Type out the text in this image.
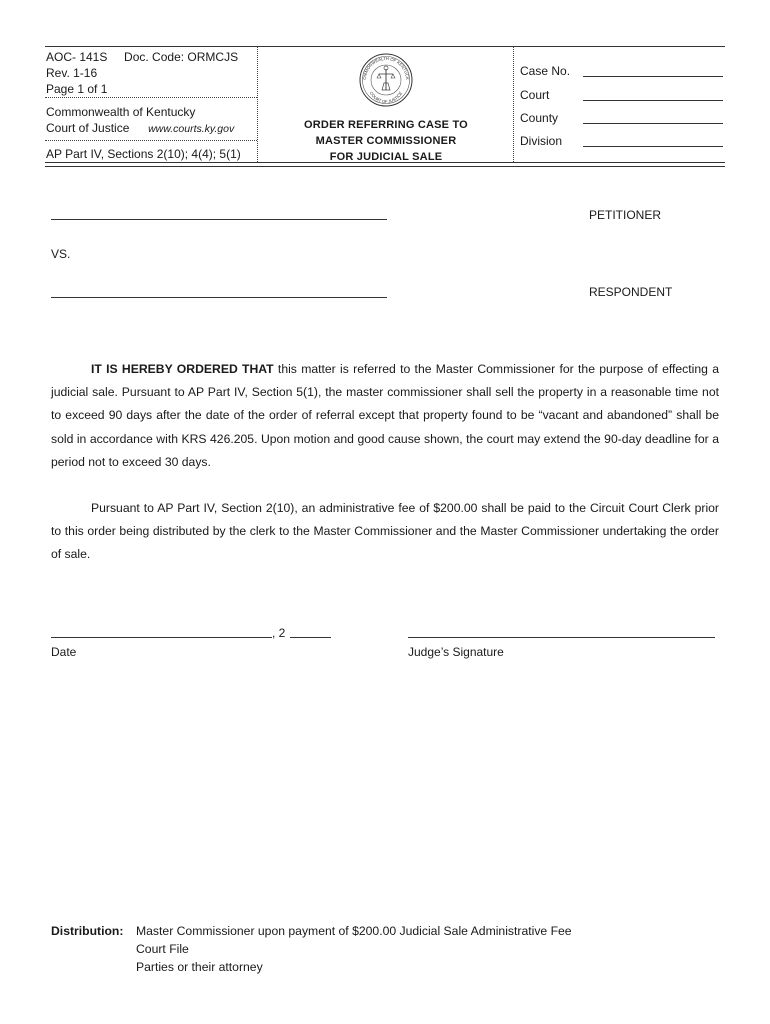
AOC- 141S Doc. Code: ORMCJS
Rev. 1-16
Page 1 of 1
Commonwealth of Kentucky
Court of Justice www.courts.ky.gov
AP Part IV, Sections 2(10); 4(4); 5(1)
OMMONWEALTH OF KENTUCK
COURT OF JUSTICE
ORDER REFERRING CASE TO
MASTER COMMISSIONER
FOR JUDICIAL SALE
Case No.
Court
County
Division
PETITIONER
VS.
RESPONDENT

IT IS HEREBY ORDERED THAT this matter is referred to the Master Commissioner for the purpose of effecting a judicial sale. Pursuant to AP Part IV, Section 5(1), the master commissioner shall sell the property in a reasonable time not to exceed 90 days after the date of the order of referral except that property found to be “vacant and abandoned” shall be sold in accordance with KRS 426.205. Upon motion and good cause shown, the court may extend the 90-day deadline for a period not to exceed 30 days.

Pursuant to AP Part IV, Section 2(10), an administrative fee of $200.00 shall be paid to the Circuit Court Clerk prior to this order being distributed by the clerk to the Master Commissioner and the Master Commissioner undertaking the order of sale.

, 2
Date	Judge’s Signature
Distribution: Master Commissioner upon payment of $200.00 Judicial Sale Administrative Fee
Court File
Parties or their attorney
